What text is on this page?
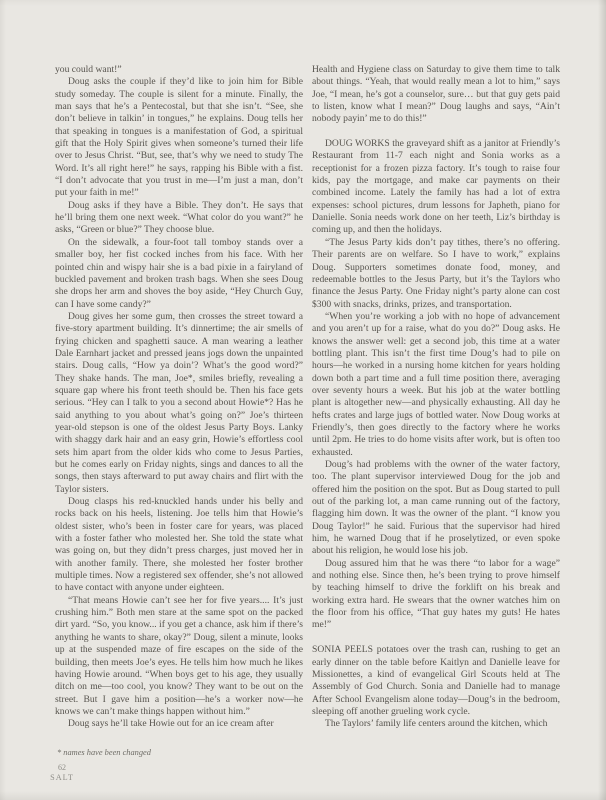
you could want!”

Doug asks the couple if they’d like to join him for Bible study someday. The couple is silent for a minute. Finally, the man says that he’s a Pentecostal, but that she isn’t. “See, she don’t believe in talkin’ in tongues,” he explains. Doug tells her that speaking in tongues is a manifestation of God, a spiritual gift that the Holy Spirit gives when someone’s turned their life over to Jesus Christ. “But, see, that’s why we need to study The Word. It’s all right here!” he says, rapping his Bible with a fist. “I don’t advocate that you trust in me—I’m just a man, don’t put your faith in me!”

Doug asks if they have a Bible. They don’t. He says that he’ll bring them one next week. “What color do you want?” he asks, “Green or blue?” They choose blue.

On the sidewalk, a four-foot tall tomboy stands over a smaller boy, her fist cocked inches from his face. With her pointed chin and wispy hair she is a bad pixie in a fairyland of buckled pavement and broken trash bags. When she sees Doug she drops her arm and shoves the boy aside, “Hey Church Guy, can I have some candy?”

Doug gives her some gum, then crosses the street toward a five-story apartment building. It’s dinnertime; the air smells of frying chicken and spaghetti sauce. A man wearing a leather Dale Earnhart jacket and pressed jeans jogs down the unpainted stairs. Doug calls, “How ya doin’? What’s the good word?” They shake hands. The man, Joe*, smiles briefly, revealing a square gap where his front teeth should be. Then his face gets serious. “Hey can I talk to you a second about Howie*? Has he said anything to you about what’s going on?” Joe’s thirteen year-old stepson is one of the oldest Jesus Party Boys. Lanky with shaggy dark hair and an easy grin, Howie’s effortless cool sets him apart from the older kids who come to Jesus Parties, but he comes early on Friday nights, sings and dances to all the songs, then stays afterward to put away chairs and flirt with the Taylor sisters.

Doug clasps his red-knuckled hands under his belly and rocks back on his heels, listening. Joe tells him that Howie’s oldest sister, who’s been in foster care for years, was placed with a foster father who molested her. She told the state what was going on, but they didn’t press charges, just moved her in with another family. There, she molested her foster brother multiple times. Now a registered sex offender, she’s not allowed to have contact with anyone under eighteen.

“That means Howie can’t see her for five years.... It’s just crushing him.” Both men stare at the same spot on the packed dirt yard. “So, you know... if you get a chance, ask him if there’s anything he wants to share, okay?” Doug, silent a minute, looks up at the suspended maze of fire escapes on the side of the building, then meets Joe’s eyes. He tells him how much he likes having Howie around. “When boys get to his age, they usually ditch on me—too cool, you know? They want to be out on the street. But I gave him a position—he’s a worker now—he knows we can’t make things happen without him.”

Doug says he’ll take Howie out for an ice cream after

Health and Hygiene class on Saturday to give them time to talk about things. “Yeah, that would really mean a lot to him,” says Joe, “I mean, he’s got a counselor, sure… but that guy gets paid to listen, know what I mean?” Doug laughs and says, “Ain’t nobody payin’ me to do this!”

DOUG WORKS the graveyard shift as a janitor at Friendly’s Restaurant from 11-7 each night and Sonia works as a receptionist for a frozen pizza factory. It’s tough to raise four kids, pay the mortgage, and make car payments on their combined income. Lately the family has had a lot of extra expenses: school pictures, drum lessons for Japheth, piano for Danielle. Sonia needs work done on her teeth, Liz’s birthday is coming up, and then the holidays.

“The Jesus Party kids don’t pay tithes, there’s no offering. Their parents are on welfare. So I have to work,” explains Doug. Supporters sometimes donate food, money, and redeemable bottles to the Jesus Party, but it’s the Taylors who finance the Jesus Party. One Friday night’s party alone can cost $300 with snacks, drinks, prizes, and transportation.

“When you’re working a job with no hope of advancement and you aren’t up for a raise, what do you do?” Doug asks. He knows the answer well: get a second job, this time at a water bottling plant. This isn’t the first time Doug’s had to pile on hours—he worked in a nursing home kitchen for years holding down both a part time and a full time position there, averaging over seventy hours a week. But his job at the water bottling plant is altogether new—and physically exhausting. All day he hefts crates and large jugs of bottled water. Now Doug works at Friendly’s, then goes directly to the factory where he works until 2pm. He tries to do home visits after work, but is often too exhausted.

Doug’s had problems with the owner of the water factory, too. The plant supervisor interviewed Doug for the job and offered him the position on the spot. But as Doug started to pull out of the parking lot, a man came running out of the factory, flagging him down. It was the owner of the plant. “I know you Doug Taylor!” he said. Furious that the supervisor had hired him, he warned Doug that if he proselytized, or even spoke about his religion, he would lose his job.

Doug assured him that he was there “to labor for a wage” and nothing else. Since then, he’s been trying to prove himself by teaching himself to drive the forklift on his break and working extra hard. He swears that the owner watches him on the floor from his office, “That guy hates my guts! He hates me!”

SONIA PEELS potatoes over the trash can, rushing to get an early dinner on the table before Kaitlyn and Danielle leave for Missionettes, a kind of evangelical Girl Scouts held at The Assembly of God Church. Sonia and Danielle had to manage After School Evangelism alone today—Doug’s in the bedroom, sleeping off another grueling work cycle.

The Taylors’ family life centers around the kitchen, which

* names have been changed
62
SALT
